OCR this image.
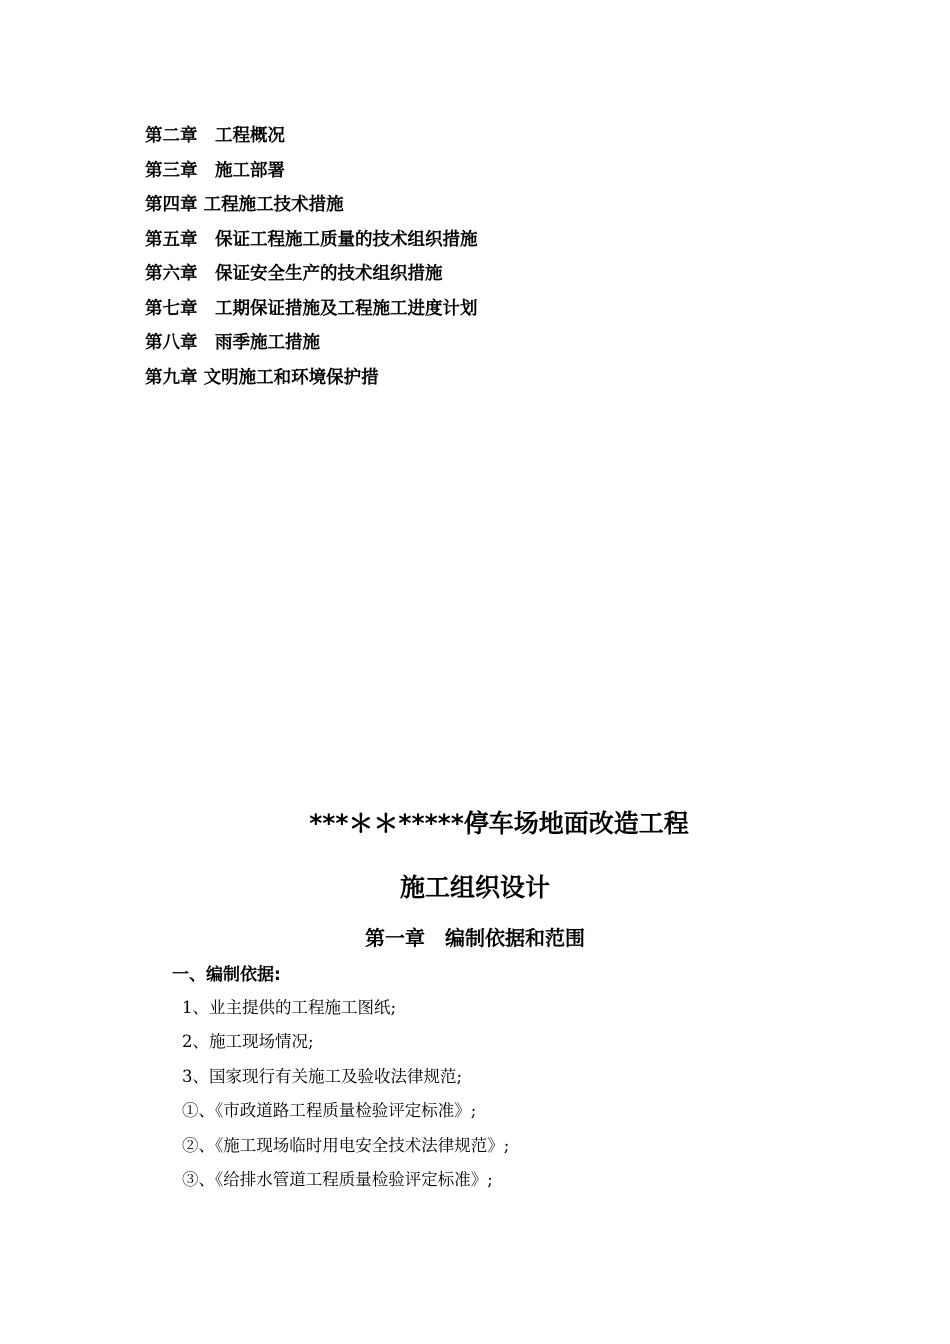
第二章　工程概况
第三章　施工部署
第四章 工程施工技术措施
第五章　保证工程施工质量的技术组织措施
第六章　保证安全生产的技术组织措施
第七章　工期保证措施及工程施工进度计划
第八章　雨季施工措施
第九章 文明施工和环境保护措
***＊＊*****停车场地面改造工程
施工组织设计
第一章　编制依据和范围
一、编制依据:
1、业主提供的工程施工图纸;
2、施工现场情况;
3、国家现行有关施工及验收法律规范;
①、《市政道路工程质量检验评定标准》;
②、《施工现场临时用电安全技术法律规范》;
③、《给排水管道工程质量检验评定标准》;
